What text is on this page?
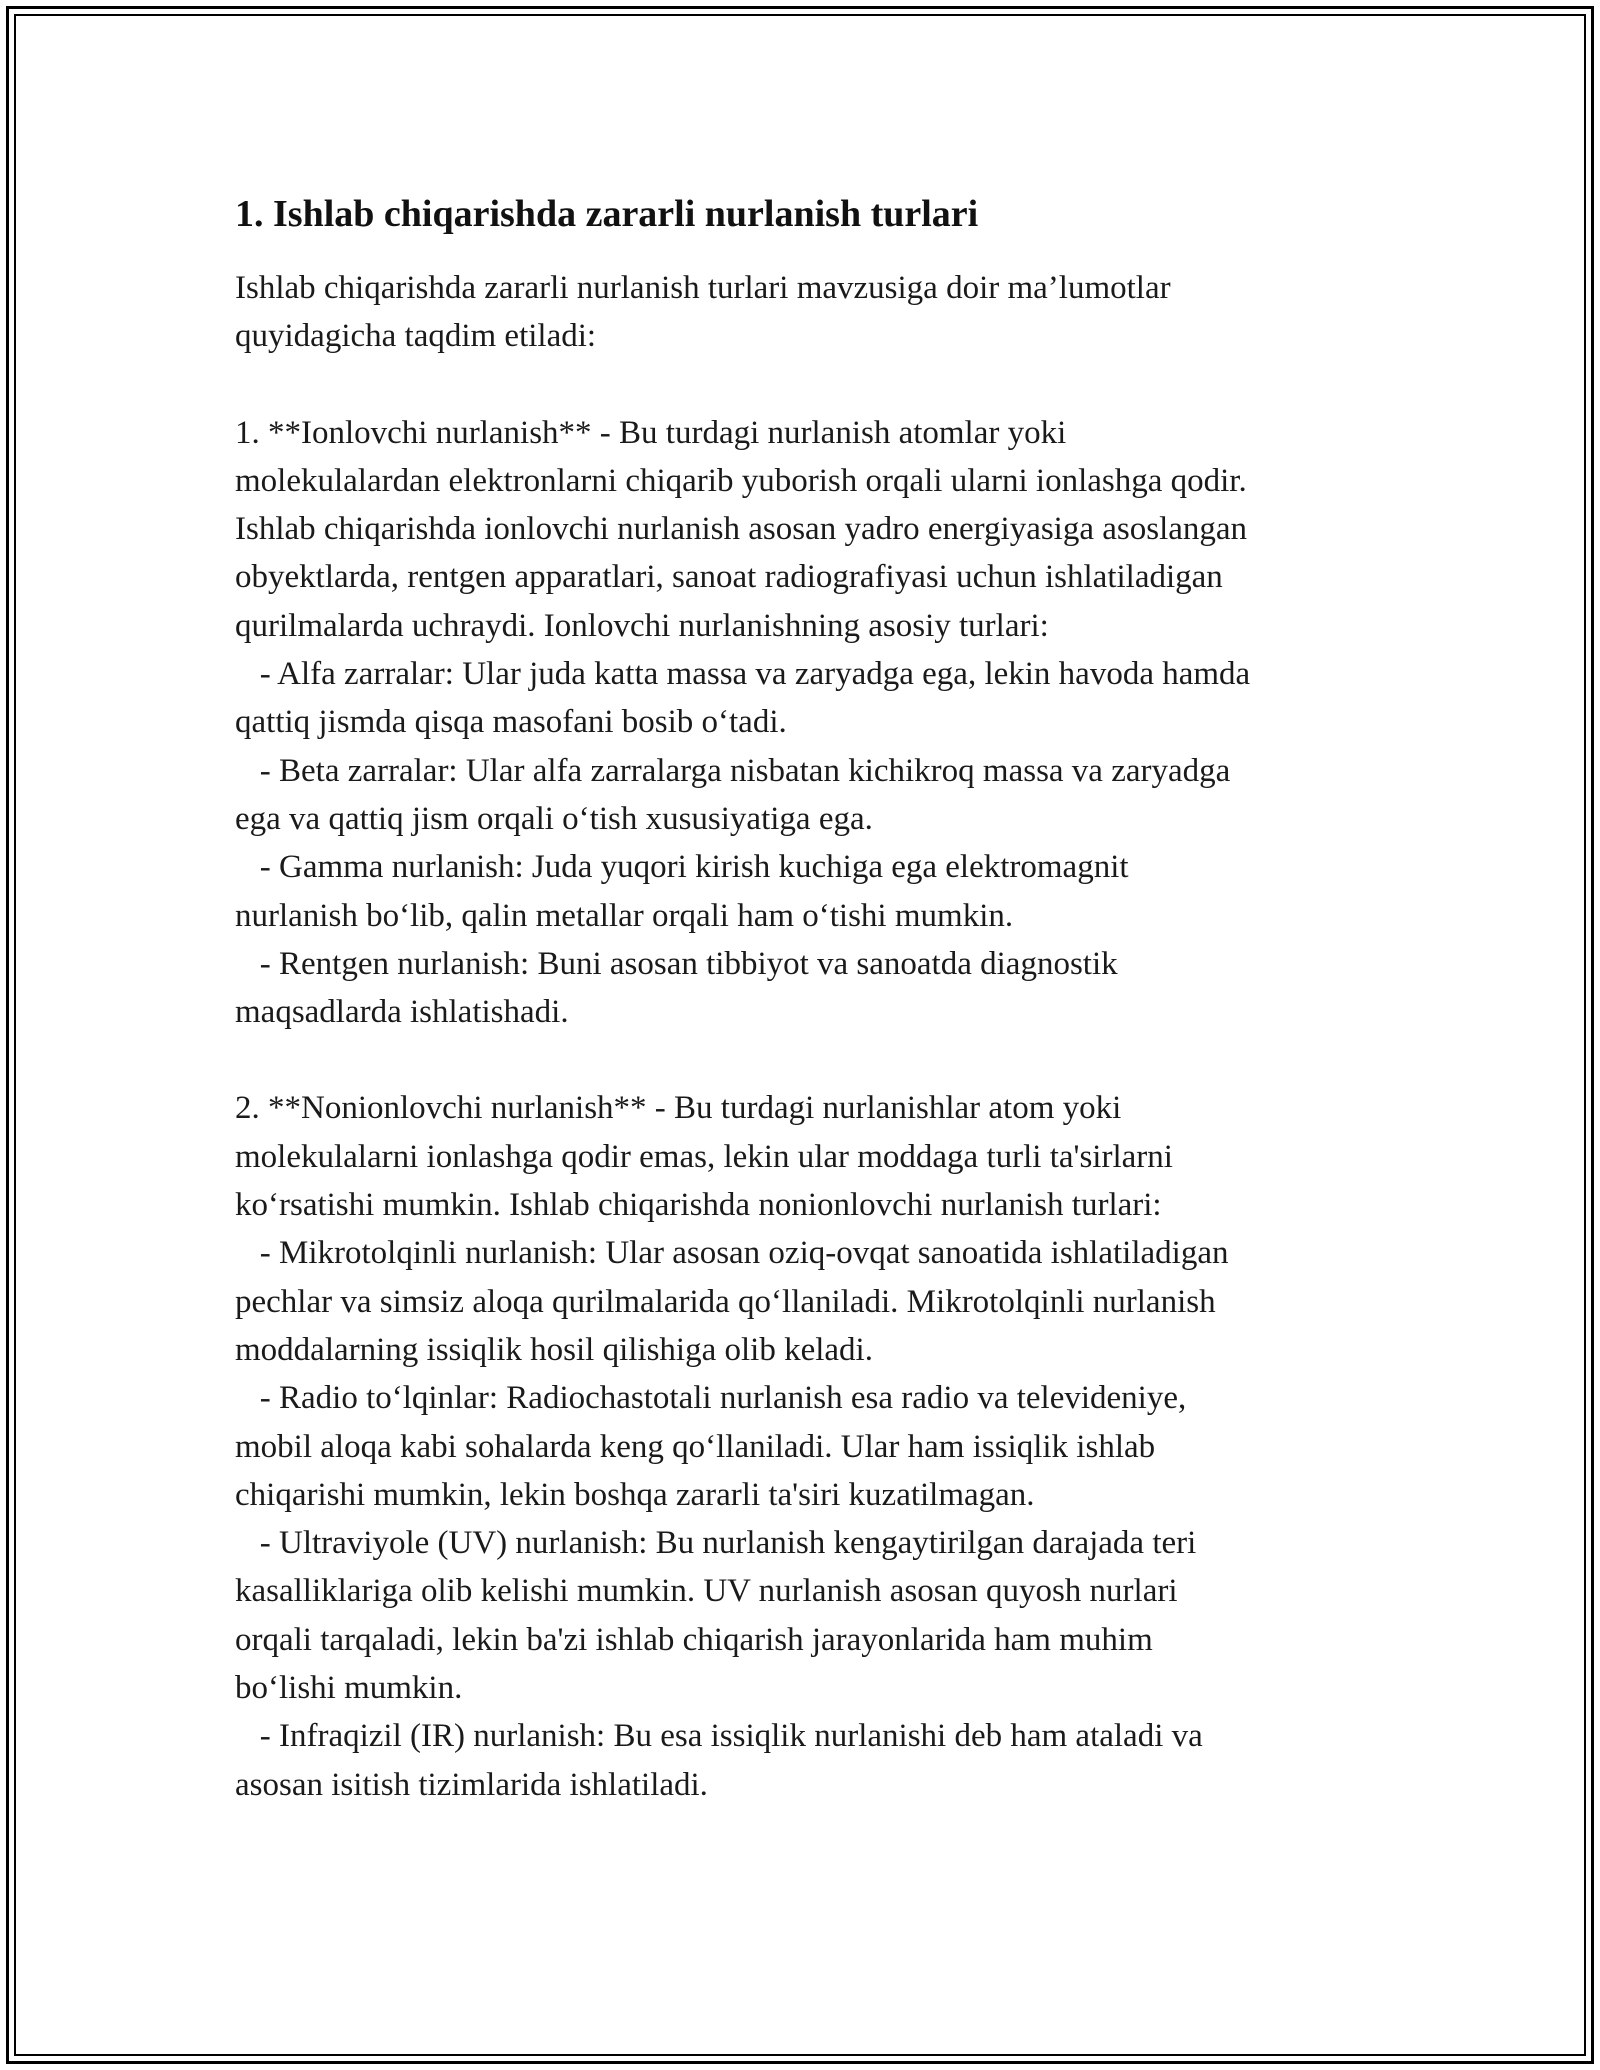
1. Ishlab chiqarishda zararli nurlanish turlari

Ishlab chiqarishda zararli nurlanish turlari mavzusiga doir ma’lumotlar
quyidagicha taqdim etiladi:

1. **Ionlovchi nurlanish** - Bu turdagi nurlanish atomlar yoki
molekulalardan elektronlarni chiqarib yuborish orqali ularni ionlashga qodir.
Ishlab chiqarishda ionlovchi nurlanish asosan yadro energiyasiga asoslangan
obyektlarda, rentgen apparatlari, sanoat radiografiyasi uchun ishlatiladigan
qurilmalarda uchraydi. Ionlovchi nurlanishning asosiy turlari:
- Alfa zarralar: Ular juda katta massa va zaryadga ega, lekin havoda hamda
qattiq jismda qisqa masofani bosib o‘tadi.
- Beta zarralar: Ular alfa zarralarga nisbatan kichikroq massa va zaryadga
ega va qattiq jism orqali o‘tish xususiyatiga ega.
- Gamma nurlanish: Juda yuqori kirish kuchiga ega elektromagnit
nurlanish bo‘lib, qalin metallar orqali ham o‘tishi mumkin.
- Rentgen nurlanish: Buni asosan tibbiyot va sanoatda diagnostik
maqsadlarda ishlatishadi.
2. **Nonionlovchi nurlanish** - Bu turdagi nurlanishlar atom yoki
molekulalarni ionlashga qodir emas, lekin ular moddaga turli ta'sirlarni
ko‘rsatishi mumkin. Ishlab chiqarishda nonionlovchi nurlanish turlari:
- Mikrotolqinli nurlanish: Ular asosan oziq-ovqat sanoatida ishlatiladigan
pechlar va simsiz aloqa qurilmalarida qo‘llaniladi. Mikrotolqinli nurlanish
moddalarning issiqlik hosil qilishiga olib keladi.
- Radio to‘lqinlar: Radiochastotali nurlanish esa radio va televideniye,
mobil aloqa kabi sohalarda keng qo‘llaniladi. Ular ham issiqlik ishlab
chiqarishi mumkin, lekin boshqa zararli ta'siri kuzatilmagan.
- Ultraviyole (UV) nurlanish: Bu nurlanish kengaytirilgan darajada teri
kasalliklariga olib kelishi mumkin. UV nurlanish asosan quyosh nurlari
orqali tarqaladi, lekin ba'zi ishlab chiqarish jarayonlarida ham muhim
bo‘lishi mumkin.
- Infraqizil (IR) nurlanish: Bu esa issiqlik nurlanishi deb ham ataladi va
asosan isitish tizimlarida ishlatiladi.
